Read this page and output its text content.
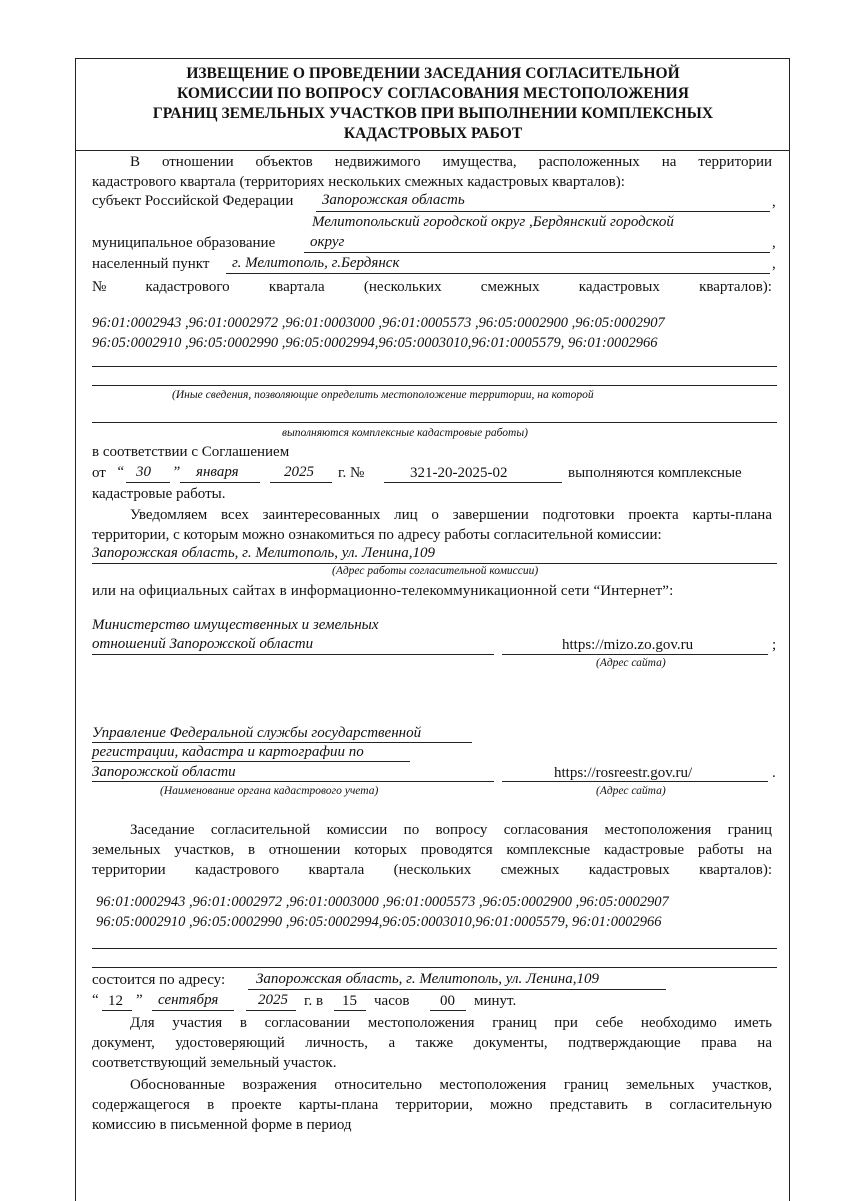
ИЗВЕЩЕНИЕ О ПРОВЕДЕНИИ ЗАСЕДАНИЯ СОГЛАСИТЕЛЬНОЙ
КОМИССИИ ПО ВОПРОСУ СОГЛАСОВАНИЯ МЕСТОПОЛОЖЕНИЯ
ГРАНИЦ ЗЕМЕЛЬНЫХ УЧАСТКОВ ПРИ ВЫПОЛНЕНИИ КОМПЛЕКСНЫХ
КАДАСТРОВЫХ РАБОТ
В отношении объектов недвижимого имущества, расположенных на территории
кадастрового квартала (территориях нескольких смежных кадастровых кварталов):
субъект Российской Федерации Запорожская область	,
Мелитопольский городской округ ,Бердянский городской
муниципальное образование округ	,
населенный пункт г. Мелитополь, г.Бердянск	,
№	кадастрового	квартала	(нескольких	смежных	кадастровых	кварталов):
96:01:0002943 ,96:01:0002972 ,96:01:0003000 ,96:01:0005573 ,96:05:0002900 ,96:05:0002907
96:05:0002910 ,96:05:0002990 ,96:05:0002994,96:05:0003010,96:01:0005579, 96:01:0002966
(Иные сведения, позволяющие определить местоположение территории, на которой
выполняются комплексные кадастровые работы)
в соответствии с Соглашением
от “ 30 ” января	2025 г. №	321-20-2025-02	выполняются комплексные
кадастровые работы.
Уведомляем всех заинтересованных лиц о завершении подготовки проекта карты-плана
территории, с которым можно ознакомиться по адресу работы согласительной комиссии:
Запорожская область, г. Мелитополь, ул. Ленина,109
(Адрес работы согласительной комиссии)
или на официальных сайтах в информационно-телекоммуникационной сети “Интернет”:
Министерство имущественных и земельных
отношений Запорожской области	https://mizo.zo.gov.ru	;
(Адрес сайта)
Управление Федеральной службы государственной
регистрации, кадастра и картографии по
Запорожской области	https://rosreestr.gov.ru/	.
(Наименование органа кадастрового учета)	(Адрес сайта)
Заседание согласительной комиссии по вопросу согласования местоположения границ
земельных участков, в отношении которых проводятся комплексные кадастровые работы на
территории кадастрового квартала (нескольких смежных кадастровых кварталов):
96:01:0002943 ,96:01:0002972 ,96:01:0003000 ,96:01:0005573 ,96:05:0002900 ,96:05:0002907
96:05:0002910 ,96:05:0002990 ,96:05:0002994,96:05:0003010,96:01:0005579, 96:01:0002966
состоится по адресу: Запорожская область, г. Мелитополь, ул. Ленина,109
“ 12 ” сентября	2025 г. в 15 часов 00 минут.
Для участия в согласовании местоположения границ при себе необходимо иметь
документ, удостоверяющий личность, а также документы, подтверждающие права на
соответствующий земельный участок.
Обоснованные возражения относительно местоположения границ земельных участков,
содержащегося в проекте карты-плана территории, можно представить в согласительную
комиссию в письменной форме в период
